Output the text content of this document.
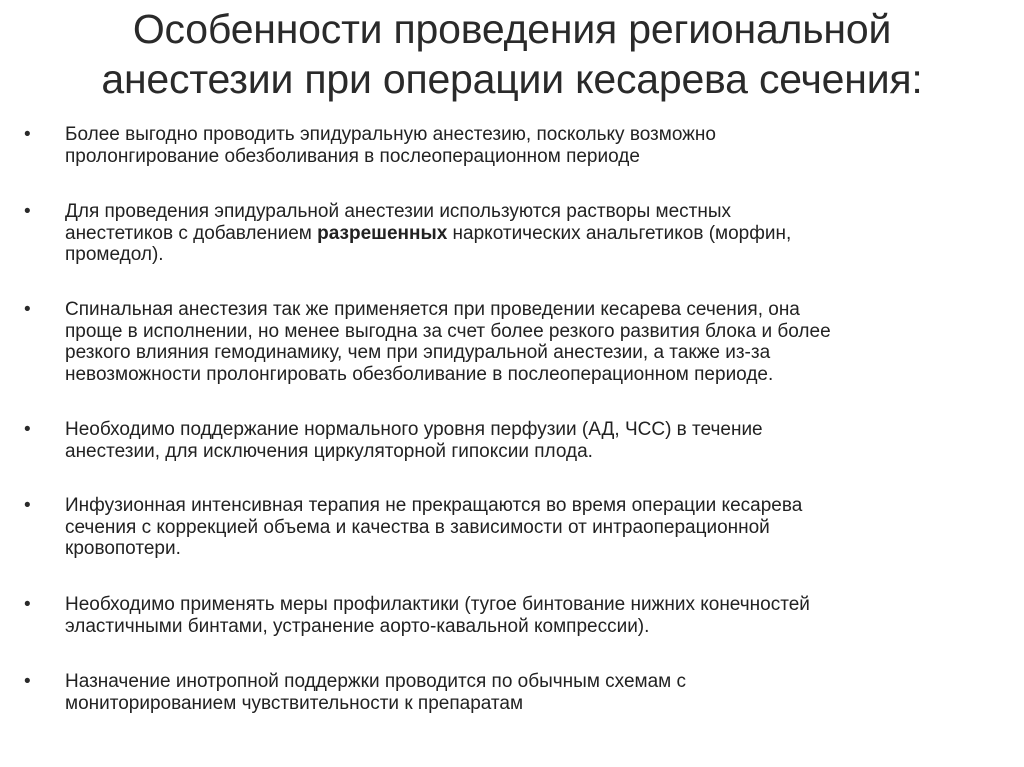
Особенности проведения региональной
анестезии при операции кесарева сечения:
•	Более выгодно проводить эпидуральную анестезию, поскольку возможно
пролонгирование обезболивания в послеоперационном периоде
•	Для проведения эпидуральной анестезии используются растворы местных
анестетиков с добавлением разрешенных наркотических анальгетиков (морфин,
промедол).
•	Спинальная анестезия так же применяется при проведении кесарева сечения, она
проще в исполнении, но менее выгодна за счет более резкого развития блока и более
резкого влияния гемодинамику, чем при эпидуральной анестезии, а также из-за
невозможности пролонгировать обезболивание в послеоперационном периоде.
•	Необходимо поддержание нормального уровня перфузии (АД, ЧСС) в течение
анестезии, для исключения циркуляторной гипоксии плода.
•	Инфузионная интенсивная терапия не прекращаются во время операции кесарева
сечения с коррекцией объема и качества в зависимости от интраоперационной
кровопотери.
•	Необходимо применять меры профилактики (тугое бинтование нижних конечностей
эластичными бинтами, устранение аорто-кавальной компрессии).
•	Назначение инотропной поддержки проводится по обычным схемам с
мониторированием чувствительности к препаратам
